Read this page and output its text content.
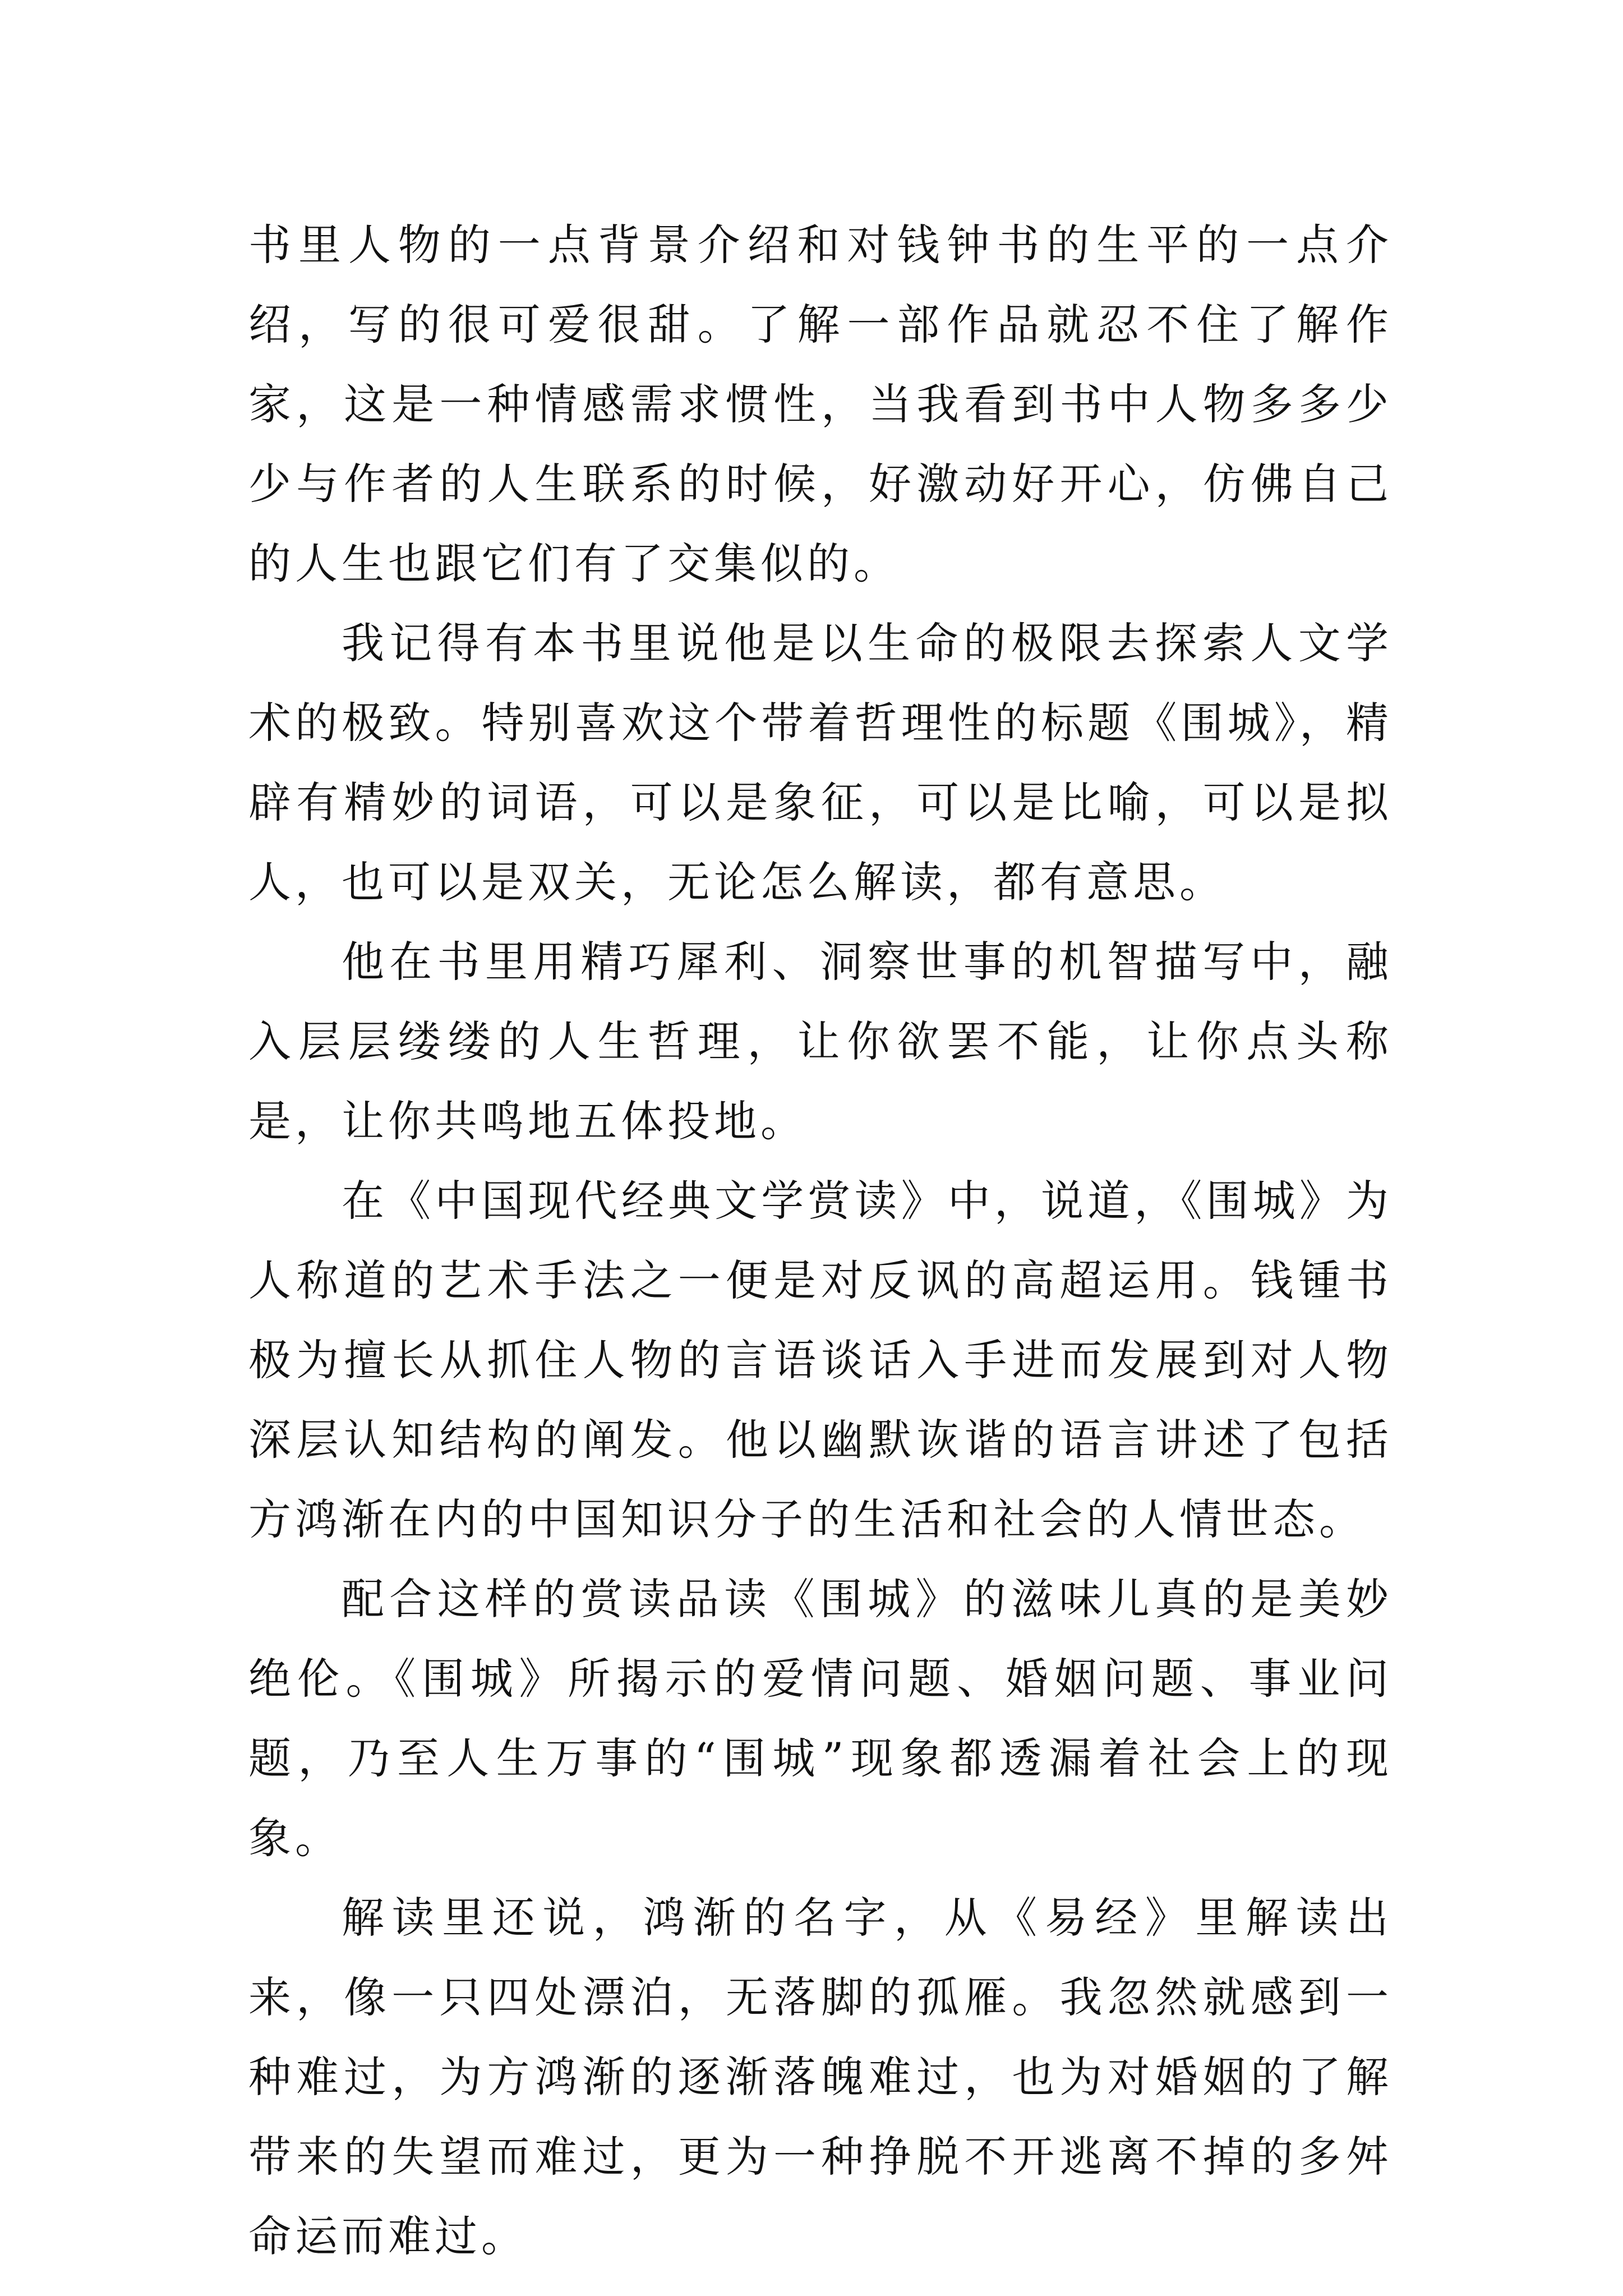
书里人物的一点背景介绍和对钱钟书的生平的一点介绍，写的很可爱很甜。了解一部作品就忍不住了解作家，这是一种情感需求惯性，当我看到书中人物多多少少与作者的人生联系的时候，好激动好开心，仿佛自己的人生也跟它们有了交集似的。

我记得有本书里说他是以生命的极限去探索人文学术的极致。特别喜欢这个带着哲理性的标题《围城》，精辟有精妙的词语，可以是象征，可以是比喻，可以是拟人，也可以是双关，无论怎么解读，都有意思。

他在书里用精巧犀利、洞察世事的机智描写中，融入层层缕缕的人生哲理，让你欲罢不能，让你点头称是，让你共鸣地五体投地。

在《中国现代经典文学赏读》中，说道，《围城》为人称道的艺术手法之一便是对反讽的高超运用。钱锺书极为擅长从抓住人物的言语谈话入手进而发展到对人物深层认知结构的阐发。他以幽默诙谐的语言讲述了包括方鸿渐在内的中国知识分子的生活和社会的人情世态。

配合这样的赏读品读《围城》的滋味儿真的是美妙绝伦。《围城》所揭示的爱情问题、婚姻问题、事业问题，乃至人生万事的“围城”现象都透漏着社会上的现象。

解读里还说，鸿渐的名字，从《易经》里解读出来，像一只四处漂泊，无落脚的孤雁。我忽然就感到一种难过，为方鸿渐的逐渐落魄难过，也为对婚姻的了解带来的失望而难过，更为一种挣脱不开逃离不掉的多舛命运而难过。
